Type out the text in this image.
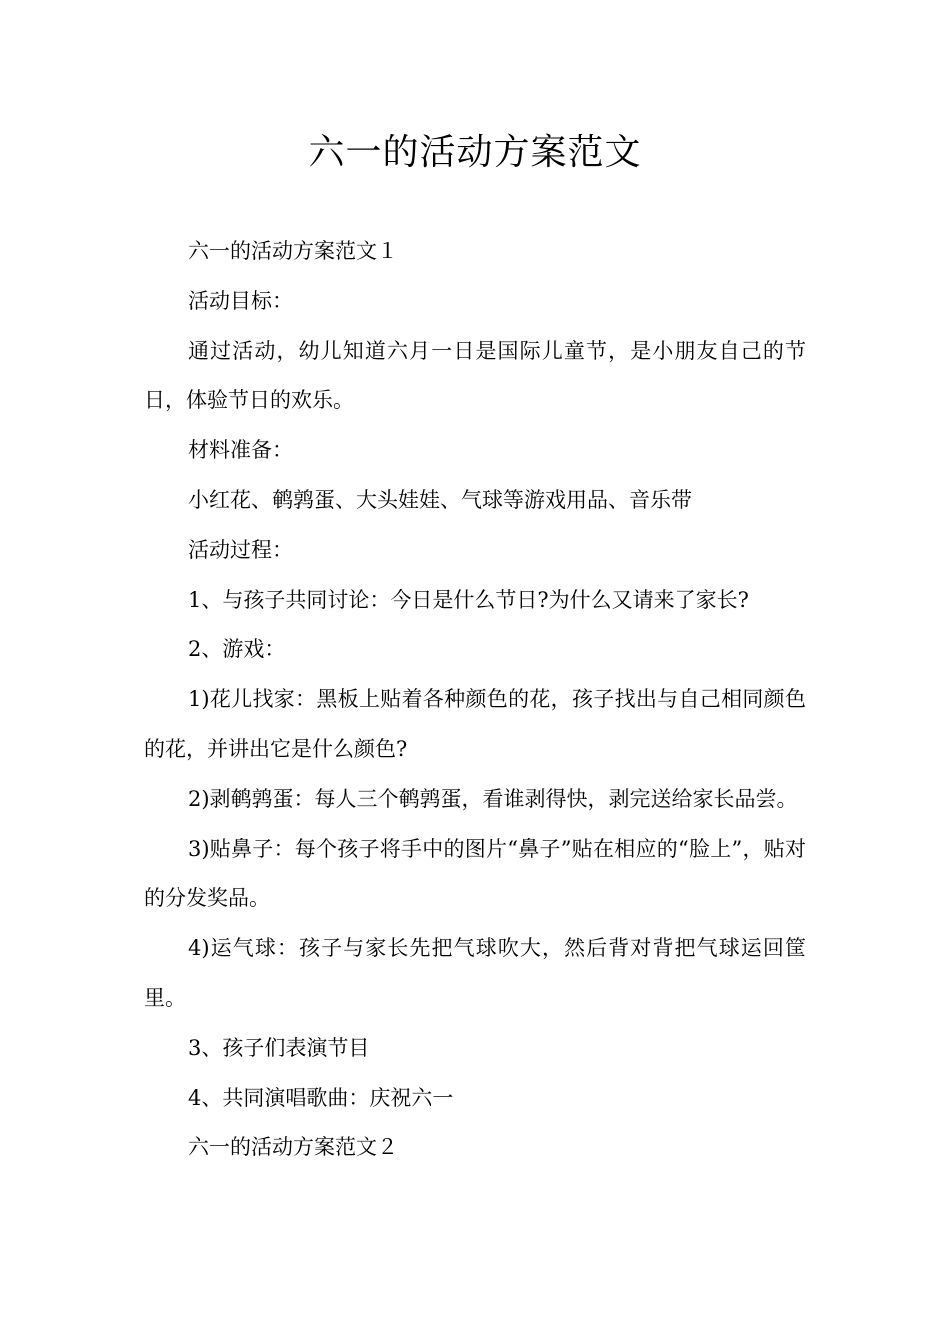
六一的活动方案范文

六一的活动方案范文１

活动目标：

通过活动，幼儿知道六月一日是国际儿童节，是小朋友自己的节日，体验节日的欢乐。

材料准备：

小红花、鹌鹑蛋、大头娃娃、气球等游戏用品、音乐带

活动过程：

1、与孩子共同讨论：今日是什么节日?为什么又请来了家长?

2、游戏：

1)花儿找家：黑板上贴着各种颜色的花，孩子找出与自己相同颜色的花，并讲出它是什么颜色?

2)剥鹌鹑蛋：每人三个鹌鹑蛋，看谁剥得快，剥完送给家长品尝。

3)贴鼻子：每个孩子将手中的图片“鼻子”贴在相应的“脸上”，贴对的分发奖品。

4)运气球：孩子与家长先把气球吹大，然后背对背把气球运回筐里。

3、孩子们表演节目

4、共同演唱歌曲：庆祝六一

六一的活动方案范文２
